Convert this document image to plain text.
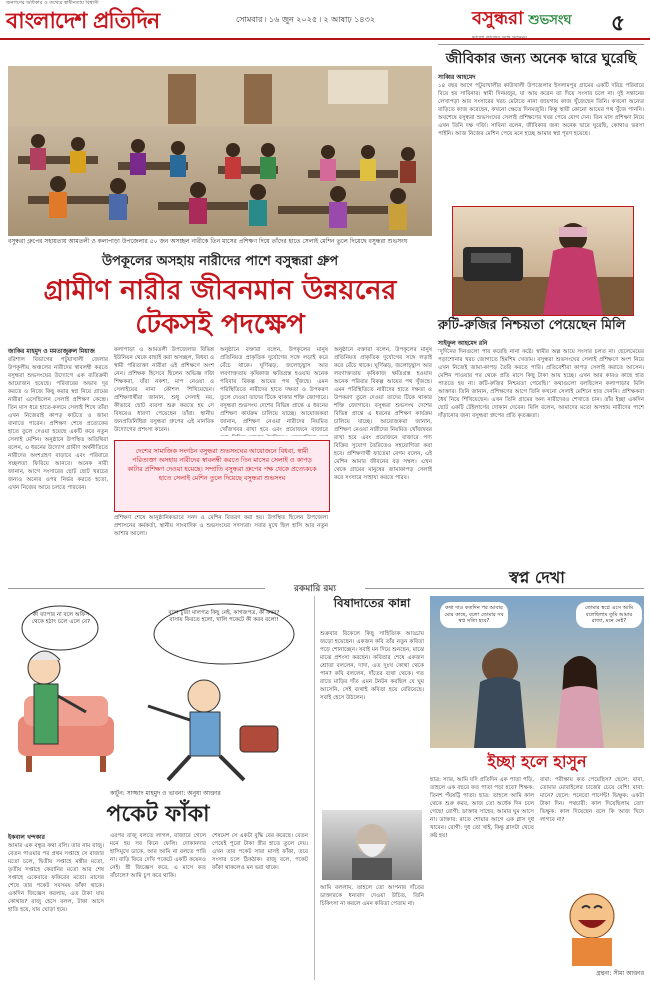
জনগণের অধিকার ও তথ্যের স্বাধীনতায় বিশ্বাসী
বাংলাদেশ প্রতিদিন	সোমবার ৷ ১৬ জুন ২০২৫ ৷ ২ আষাঢ় ১৪৩২	বসুন্ধরা শুভসংঘ	৫
বসুন্ধরা গ্রুপের সহায়তায় আমতলী ও কলাপাড়া উপজেলার ৫০ জন অসচ্ছল নারীকে তিন মাসের প্রশিক্ষণ দিয়ে তাঁদের হাতে সেলাই মেশিন তুলে দিয়েছে বসুন্ধরা শুভসংঘ
উপকূলের অসহায় নারীদের পাশে বসুন্ধরা গ্রুপ
গ্রামীণ নারীর জীবনমান উন্নয়নের
টেকসই পদক্ষেপ
জাকির মাহমুদ ও মমতাজুরুল মিয়াজ
বরিশাল বিভাগের পটুয়াখালী জেলার উপকূলীয় অঞ্চলের নারীদের স্বাবলম্বী করতে বসুন্ধরা শুভসংঘের উদ্যোগে এক ব্যতিক্রমী আয়োজন হয়েছে। পরিবারের অভাব দূর করতে ও নিজে কিছু করার স্বপ্ন নিয়ে গ্রামের নারীরা এসেছিলেন সেলাই প্রশিক্ষণ কেন্দ্রে। তিন মাস ধরে হাতে-কলমে সেলাই শিখে তাঁরা এখন নিজেরাই কাপড় কাটতে ও জামা বানাতে পারেন। প্রশিক্ষণ শেষে প্রত্যেকের হাতে তুলে দেওয়া হয়েছে একটি করে নতুন সেলাই মেশিন। অনুষ্ঠানে উপস্থিত অতিথিরা বলেন, এ ধরনের উদ্যোগ গ্রামীণ অর্থনীতিতে নারীদের অংশগ্রহণ বাড়াবে এবং পরিবারে সচ্ছলতা ফিরিয়ে আনবে। অনেক নারী জানান, আগে সংসারের ছোট ছোট খরচের জন্যও অন্যের ওপর নির্ভর করতে হতো, এখন নিজের আয়ে চলতে পারবেন।
কলাপাড়া ও আমতলী উপজেলার বিভিন্ন ইউনিয়ন থেকে বাছাই করা অসচ্ছল, বিধবা ও স্বামী পরিত্যক্তা নারীরা এই প্রশিক্ষণে অংশ নেন। প্রশিক্ষক হিসেবে ছিলেন অভিজ্ঞ দর্জি শিক্ষকরা, যাঁরা নকশা, মাপ নেওয়া ও সেলাইয়ের নানা কৌশল শিখিয়েছেন। প্রশিক্ষণার্থীরা জানান, শুধু সেলাই নয়, কীভাবে ছোট ব্যবসা শুরু করতে হয় সে বিষয়েও ধারণা পেয়েছেন তাঁরা। স্থানীয় জনপ্রতিনিধিরা বসুন্ধরা গ্রুপের এই মানবিক উদ্যোগের প্রশংসা করেন।
দেশের সামাজিক সংগঠন বসুন্ধরা শুভসংঘের আয়োজনে বিধবা, স্বামী পরিত্যক্তা অসহায় নারীদের স্বাবলম্বী করতে তিন মাসের সেলাই ও কাপড় কাটার প্রশিক্ষণ দেওয়া হয়েছে। সম্প্রতি বসুন্ধরা গ্রুপের পক্ষ থেকে প্রত্যেককে হাতে সেলাই মেশিন তুলে দিয়েছে বসুন্ধরা শুভসংঘ
প্রশিক্ষণ শেষে আনুষ্ঠানিকভাবে সনদ ও মেশিন বিতরণ করা হয়। উপস্থিত ছিলেন উপজেলা প্রশাসনের কর্মকর্তা, স্থানীয় সাংবাদিক ও শুভসংঘের সদস্যরা। সবার মুখে ছিল হাসি আর নতুন আশার আলো।
অনুষ্ঠানে বক্তারা বলেন, উপকূলের মানুষ প্রতিনিয়ত প্রাকৃতিক দুর্যোগের সঙ্গে লড়াই করে বেঁচে থাকে। ঘূর্ণিঝড়, জলোচ্ছ্বাস আর লবণাক্ততায় কৃষিকাজ ক্ষতিগ্রস্ত হওয়ায় অনেক পরিবার বিকল্প আয়ের পথ খুঁজছে। এমন পরিস্থিতিতে নারীদের হাতে দক্ষতা ও উপকরণ তুলে দেওয়া তাদের টিকে থাকার শক্তি জোগাবে। বসুন্ধরা শুভসংঘ দেশের বিভিন্ন প্রান্তে এ ধরনের প্রশিক্ষণ কার্যক্রম চালিয়ে যাচ্ছে। আয়োজকরা জানান, প্রশিক্ষণ নেওয়া নারীদের নিয়মিত খোঁজখবর রাখা হবে এবং প্রয়োজনে বাজারে
অনুষ্ঠানে বক্তারা বলেন, উপকূলের মানুষ প্রতিনিয়ত প্রাকৃতিক দুর্যোগের সঙ্গে লড়াই করে বেঁচে থাকে। ঘূর্ণিঝড়, জলোচ্ছ্বাস আর লবণাক্ততায় কৃষিকাজ ক্ষতিগ্রস্ত হওয়ায় অনেক পরিবার বিকল্প আয়ের পথ খুঁজছে। এমন পরিস্থিতিতে নারীদের হাতে দক্ষতা ও উপকরণ তুলে দেওয়া তাদের টিকে থাকার শক্তি জোগাবে। বসুন্ধরা শুভসংঘ দেশের বিভিন্ন প্রান্তে এ ধরনের প্রশিক্ষণ কার্যক্রম চালিয়ে যাচ্ছে। আয়োজকরা জানান, প্রশিক্ষণ নেওয়া নারীদের নিয়মিত খোঁজখবর রাখা হবে এবং প্রয়োজনে বাজারে পণ্য বিক্রির সুযোগ তৈরিতেও সহযোগিতা করা হবে। প্রশিক্ষণার্থী ফাতেমা বেগম বলেন, এই মেশিন আমার জীবনের বড় সম্বল। এখন থেকে গ্রামের মানুষের জামাকাপড় সেলাই করে সংসারে সাহায্য করতে পারব।
জীবিকার জন্য অনেক দ্বারে ঘুরেছি
সাব্বির আহমেদ
১৪ বছর আগে পটুয়াখালীর কাউখালী উপজেলার ইসলামপুর গ্রামের একটি দরিদ্র পরিবারে বিয়ে হয় সাবিনার। স্বামী দিনমজুর, যা আয় করেন তা দিয়ে সংসার চলে না। দুই সন্তানের লেখাপড়া আর সংসারের খরচ মেটাতে নানা জায়গায় কাজ খুঁজেছেন তিনি। কখনো অন্যের বাড়িতে কাজ করেছেন, কখনো ক্ষেতে দিনমজুরি। কিন্তু স্থায়ী কোনো আয়ের পথ খুঁজে পাননি। অবশেষে বসুন্ধরা শুভসংঘের সেলাই প্রশিক্ষণের খবর পেয়ে যোগ দেন। তিন মাস প্রশিক্ষণ নিয়ে এখন তিনি দক্ষ দর্জি। সাবিনা বলেন, জীবিকার জন্য অনেক দ্বারে ঘুরেছি, কোথাও ভরসা পাইনি। আজ নিজের মেশিন পেয়ে মনে হচ্ছে আমার স্বপ্ন পূরণ হয়েছে।
রুটি-রুজির নিশ্চয়তা পেয়েছেন মিলি
সাইফুল আহমেদ রনি
‘দুর্দিনের দিনগুলো পার করেছি নানা কষ্টে। স্বামীর অল্প আয়ে সংসার চলত না। ছেলেমেয়ের পড়াশোনার খরচ জোগাতে হিমশিম খেতাম। বসুন্ধরা শুভসংঘের সেলাই প্রশিক্ষণে অংশ নিয়ে এখন নিজেই জামা-কাপড় তৈরি করতে পারি। প্রতিবেশীরা কাপড় সেলাই করাতে আসেন। মেশিন পাওয়ার পর থেকে প্রতি মাসে কিছু টাকা আয় হচ্ছে। এখন আর কারও কাছে হাত পাততে হয় না। রুটি-রুজির নিশ্চয়তা পেয়েছি।’ কথাগুলো বলছিলেন কলাপাড়ার মিলি আক্তার। তিনি জানান, প্রশিক্ষণের আগে তিনি কখনো সেলাই মেশিনে হাত দেননি। প্রশিক্ষকরা ধৈর্য নিয়ে শিখিয়েছেন। এখন তিনি গ্রামের অন্য নারীদেরও শেখাতে চান। তাঁর ইচ্ছা একদিন ছোট একটি টেইলার্সের দোকান দেবেন। মিলি বলেন, আমাদের মতো অসহায় নারীদের পাশে দাঁড়ানোর জন্য বসুন্ধরা গ্রুপের প্রতি কৃতজ্ঞতা।
রকমারি রম্য
কী ব্যাপার না বলে অফিস থেকে হঠাৎ চলে এলে যে?
ব্যাগ চুরি! মালপত্র কিছু নেই, কাগজপত্র, কী করব? বাসায় ফিরতে হলো, খালি পকেটে কী করব বলো!
কার্টুন: সাজ্জাদ মাহমুদ ও ভাবনা: অনুষা আক্তার
পকেট ফাঁকা
ইকবাল খন্দকার
আমার এক বন্ধুর কথা বলি। তার নাম রাজু। বেতন পাওয়ার পর প্রথম সপ্তাহে সে রাজার মতো চলে, দ্বিতীয় সপ্তাহে মন্ত্রীর মতো, তৃতীয় সপ্তাহে কেরানির মতো আর শেষ সপ্তাহে একেবারে ফকিরের মতো। মাসের শেষে তার পকেট সবসময় ফাঁকা থাকে। একদিন জিজ্ঞেস করলাম, এত টাকা যায় কোথায়? রাজু হেসে বলল, টাকা আসে হাতি হয়ে, যায় ঘোড়া হয়ে।
এরপর রাজু বলতে লাগল, বাজারে গেলে মনে হয় সব কিনে ফেলি। দোকানদার হাসিমুখে ডাকে, আর আমি না বলতে পারি না। বাড়ি ফিরে দেখি পকেটে একটি কয়েনও নেই। স্ত্রী জিজ্ঞেস করে, এ মাসে কত বাঁচালে? আমি চুপ করে থাকি।
শেষমেশ সে একটা বুদ্ধি বের করেছে। বেতন পেয়েই পুরো টাকা স্ত্রীর হাতে তুলে দেয়। এখন তার পকেট সারা মাসই ফাঁকা, তবে সংসার চলে ঠিকঠাক। রাজু বলে, পকেট ফাঁকা থাকলেও মন ভরা থাকে।
বিষাদাতের কান্না
শুক্রবার বিকেলে কিছু সাহিত্যিক আড্ডায় জড়ো হয়েছেন। একজন কবি তাঁর নতুন কবিতা পড়ে শোনাচ্ছেন। সবাই মন দিয়ে শুনছেন, মাঝে মাঝে প্রশংসা করছেন। কবিতার শেষে একজন শ্রোতা বললেন, দাদা, এত দুঃখ কোথা থেকে পান? কবি বললেন, দাঁতের ব্যথা থেকে। গত রাতে মাড়ির দাঁত এমন টনটন করছিল যে ঘুম আসেনি, সেই ব্যথাই কবিতা হয়ে বেরিয়েছে। সবাই হেসে উঠলেন।
আমি বললাম, তাহলে তো আপনার দাঁতের ডাক্তারকে ধন্যবাদ দেওয়া উচিত, তিনি চিকিৎসা না করলে এমন কবিতা পেতাম না।
কথা দাও কতদিন পর আবার মোর কাছে, বলো তোমার সব স্বপ্ন সত্যি হবে?
তোমার স্বপ্নে এসে আমি বলেছিলাম তুমি আমার রাজা, মনে নেই?
স্বপ্ন দেখা
ইচ্ছা হলে হাসুন
ছাত্র: স্যার, আমি যদি প্রতিদিন এক পাতা পড়ি, তাহলে এক বছরে কত পাতা পড়া হবে? শিক্ষক: তিনশ পঁয়ষট্টি পাতা। ছাত্র: তাহলে আমি কাল থেকে শুরু করব, আজ তো অর্ধেক দিন চলে গেছে! রোগী: ডাক্তার সাহেব, আমার ঘুম আসে না। ডাক্তার: রাতে শোয়ার আগে এক গ্লাস দুধ খাবেন। রোগী: দুধ তো খাই, কিন্তু গ্লাসটা খেতে কষ্ট হয়!
বাবা: পরীক্ষায় কত পেয়েছিস? ছেলে: বাবা, তোমার মোবাইলের চার্জের চেয়ে বেশি! বাবা: মানে? ছেলে: পনেরো পার্সেন্ট! ভিক্ষুক: একটা টাকা দিন। পথচারী: কাল দিয়েছিলাম তো! ভিক্ষুক: কাল দিয়েছেন বলে কি আজ খিদে লাগবে না?
গ্রন্থনা: সীমা আক্তার
